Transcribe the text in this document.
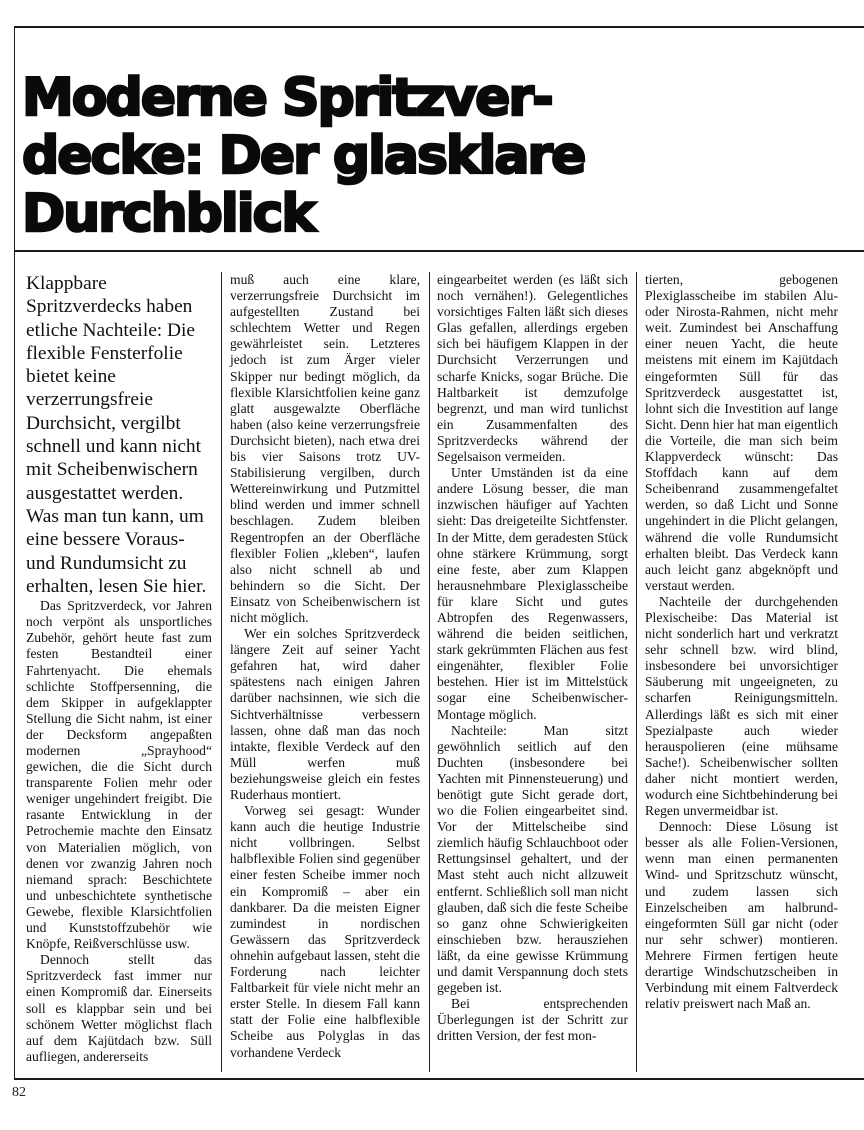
Moderne Spritzver-
decke: Der glasklare
Durchblick

Klappbare Spritzverdecks haben etliche Nachteile: Die flexible Fensterfolie bietet keine verzerrungsfreie Durchsicht, vergilbt schnell und kann nicht mit Scheibenwischern ausgestattet werden. Was man tun kann, um eine bessere Voraus- und Rundumsicht zu erhalten, lesen Sie hier.

Das Spritzverdeck, vor Jahren noch verpönt als unsportliches Zubehör, gehört heute fast zum festen Bestandteil einer Fahrtenyacht. Die ehemals schlichte Stoffpersenning, die dem Skipper in aufgeklappter Stellung die Sicht nahm, ist einer der Decksform angepaßten modernen „Sprayhood“ gewichen, die die Sicht durch transparente Folien mehr oder weniger ungehindert freigibt. Die rasante Entwicklung in der Petrochemie machte den Einsatz von Materialien möglich, von denen vor zwanzig Jahren noch niemand sprach: Beschichtete und unbeschichtete synthetische Gewebe, flexible Klarsichtfolien und Kunststoffzubehör wie Knöpfe, Reißverschlüsse usw.

Dennoch stellt das Spritzverdeck fast immer nur einen Kompromiß dar. Einerseits soll es klappbar sein und bei schönem Wetter möglichst flach auf dem Kajütdach bzw. Süll aufliegen, andererseits

muß auch eine klare, verzerrungsfreie Durchsicht im aufgestellten Zustand bei schlechtem Wetter und Regen gewährleistet sein. Letzteres jedoch ist zum Ärger vieler Skipper nur bedingt möglich, da flexible Klarsichtfolien keine ganz glatt ausgewalzte Oberfläche haben (also keine verzerrungsfreie Durchsicht bieten), nach etwa drei bis vier Saisons trotz UV-Stabilisierung vergilben, durch Wettereinwirkung und Putzmittel blind werden und immer schnell beschlagen. Zudem bleiben Regentropfen an der Oberfläche flexibler Folien „kleben“, laufen also nicht schnell ab und behindern so die Sicht. Der Einsatz von Scheibenwischern ist nicht möglich.

Wer ein solches Spritzverdeck längere Zeit auf seiner Yacht gefahren hat, wird daher spätestens nach einigen Jahren darüber nachsinnen, wie sich die Sichtverhältnisse verbessern lassen, ohne daß man das noch intakte, flexible Verdeck auf den Müll werfen muß beziehungsweise gleich ein festes Ruderhaus montiert.

Vorweg sei gesagt: Wunder kann auch die heutige Industrie nicht vollbringen. Selbst halbflexible Folien sind gegenüber einer festen Scheibe immer noch ein Kompromiß – aber ein dankbarer. Da die meisten Eigner zumindest in nordischen Gewässern das Spritzverdeck ohnehin aufgebaut lassen, steht die Forderung nach leichter Faltbarkeit für viele nicht mehr an erster Stelle. In diesem Fall kann statt der Folie eine halbflexible Scheibe aus Polyglas in das vorhandene Verdeck

eingearbeitet werden (es läßt sich noch vernähen!). Gelegentliches vorsichtiges Falten läßt sich dieses Glas gefallen, allerdings ergeben sich bei häufigem Klappen in der Durchsicht Verzerrungen und scharfe Knicks, sogar Brüche. Die Haltbarkeit ist demzufolge begrenzt, und man wird tunlichst ein Zusammenfalten des Spritzverdecks während der Segelsaison vermeiden.

Unter Umständen ist da eine andere Lösung besser, die man inzwischen häufiger auf Yachten sieht: Das dreigeteilte Sichtfenster. In der Mitte, dem geradesten Stück ohne stärkere Krümmung, sorgt eine feste, aber zum Klappen herausnehmbare Plexiglasscheibe für klare Sicht und gutes Abtropfen des Regenwassers, während die beiden seitlichen, stark gekrümmten Flächen aus fest eingenähter, flexibler Folie bestehen. Hier ist im Mittelstück sogar eine Scheibenwischer-Montage möglich.

Nachteile: Man sitzt gewöhnlich seitlich auf den Duchten (insbesondere bei Yachten mit Pinnensteuerung) und benötigt gute Sicht gerade dort, wo die Folien eingearbeitet sind. Vor der Mittelscheibe sind ziemlich häufig Schlauchboot oder Rettungsinsel gehaltert, und der Mast steht auch nicht allzuweit entfernt. Schließlich soll man nicht glauben, daß sich die feste Scheibe so ganz ohne Schwierigkeiten einschieben bzw. herausziehen läßt, da eine gewisse Krümmung und damit Verspannung doch stets gegeben ist.

Bei entsprechenden Überlegungen ist der Schritt zur dritten Version, der fest mon-

tierten, gebogenen Plexiglasscheibe im stabilen Alu- oder Nirosta-Rahmen, nicht mehr weit. Zumindest bei Anschaffung einer neuen Yacht, die heute meistens mit einem im Kajütdach eingeformten Süll für das Spritzverdeck ausgestattet ist, lohnt sich die Investition auf lange Sicht. Denn hier hat man eigentlich die Vorteile, die man sich beim Klappverdeck wünscht: Das Stoffdach kann auf dem Scheibenrand zusammengefaltet werden, so daß Licht und Sonne ungehindert in die Plicht gelangen, während die volle Rundumsicht erhalten bleibt. Das Verdeck kann auch leicht ganz abgeknöpft und verstaut werden.

Nachteile der durchgehenden Plexischeibe: Das Material ist nicht sonderlich hart und verkratzt sehr schnell bzw. wird blind, insbesondere bei unvorsichtiger Säuberung mit ungeeigneten, zu scharfen Reinigungsmitteln. Allerdings läßt es sich mit einer Spezialpaste auch wieder herauspolieren (eine mühsame Sache!). Scheibenwischer sollten daher nicht montiert werden, wodurch eine Sichtbehinderung bei Regen unvermeidbar ist.

Dennoch: Diese Lösung ist besser als alle Folien-Versionen, wenn man einen permanenten Wind- und Spritzschutz wünscht, und zudem lassen sich Einzelscheiben am halbrund-eingeformten Süll gar nicht (oder nur sehr schwer) montieren. Mehrere Firmen fertigen heute derartige Windschutzscheiben in Verbindung mit einem Faltverdeck relativ preiswert nach Maß an.

82
